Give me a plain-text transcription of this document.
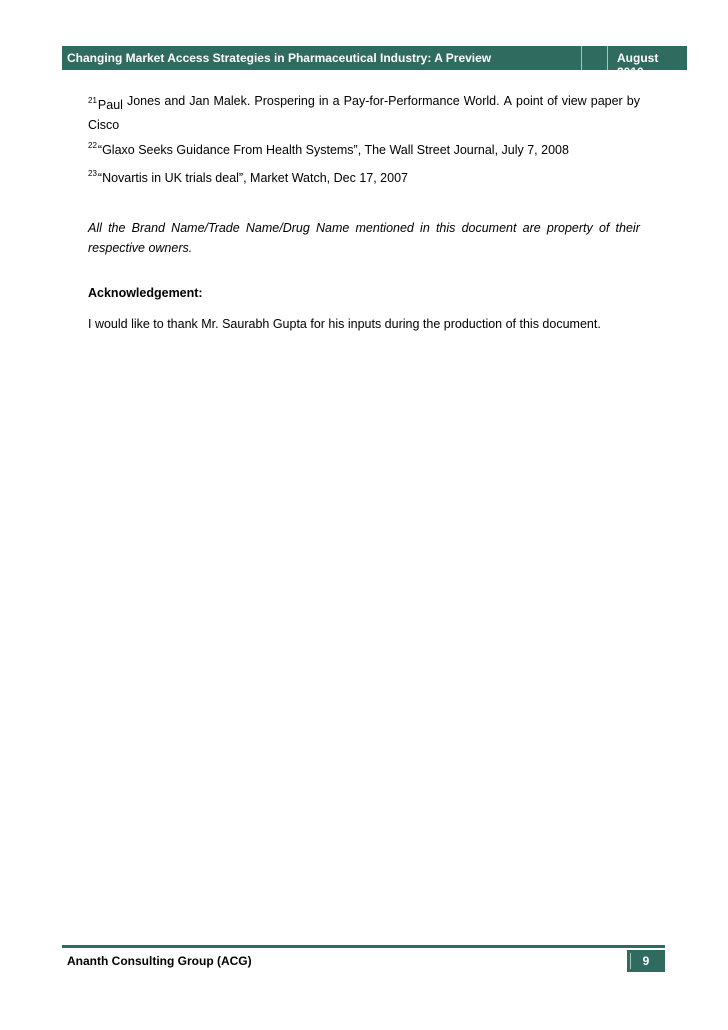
Changing Market Access Strategies in Pharmaceutical Industry: A Preview	August 2010
$^{21}$Paul Jones and Jan Malek. Prospering in a Pay-for-Performance World. A point of view paper by
Cisco
$^{22}$“Glaxo Seeks Guidance From Health Systems”, The Wall Street Journal, July 7, 2008
$^{23}$“Novartis in UK trials deal”, Market Watch, Dec 17, 2007
All the Brand Name/Trade Name/Drug Name mentioned in this document are property of their
respective owners.
Acknowledgement:
I would like to thank Mr. Saurabh Gupta for his inputs during the production of this document.
Ananth Consulting Group (ACG)	9
